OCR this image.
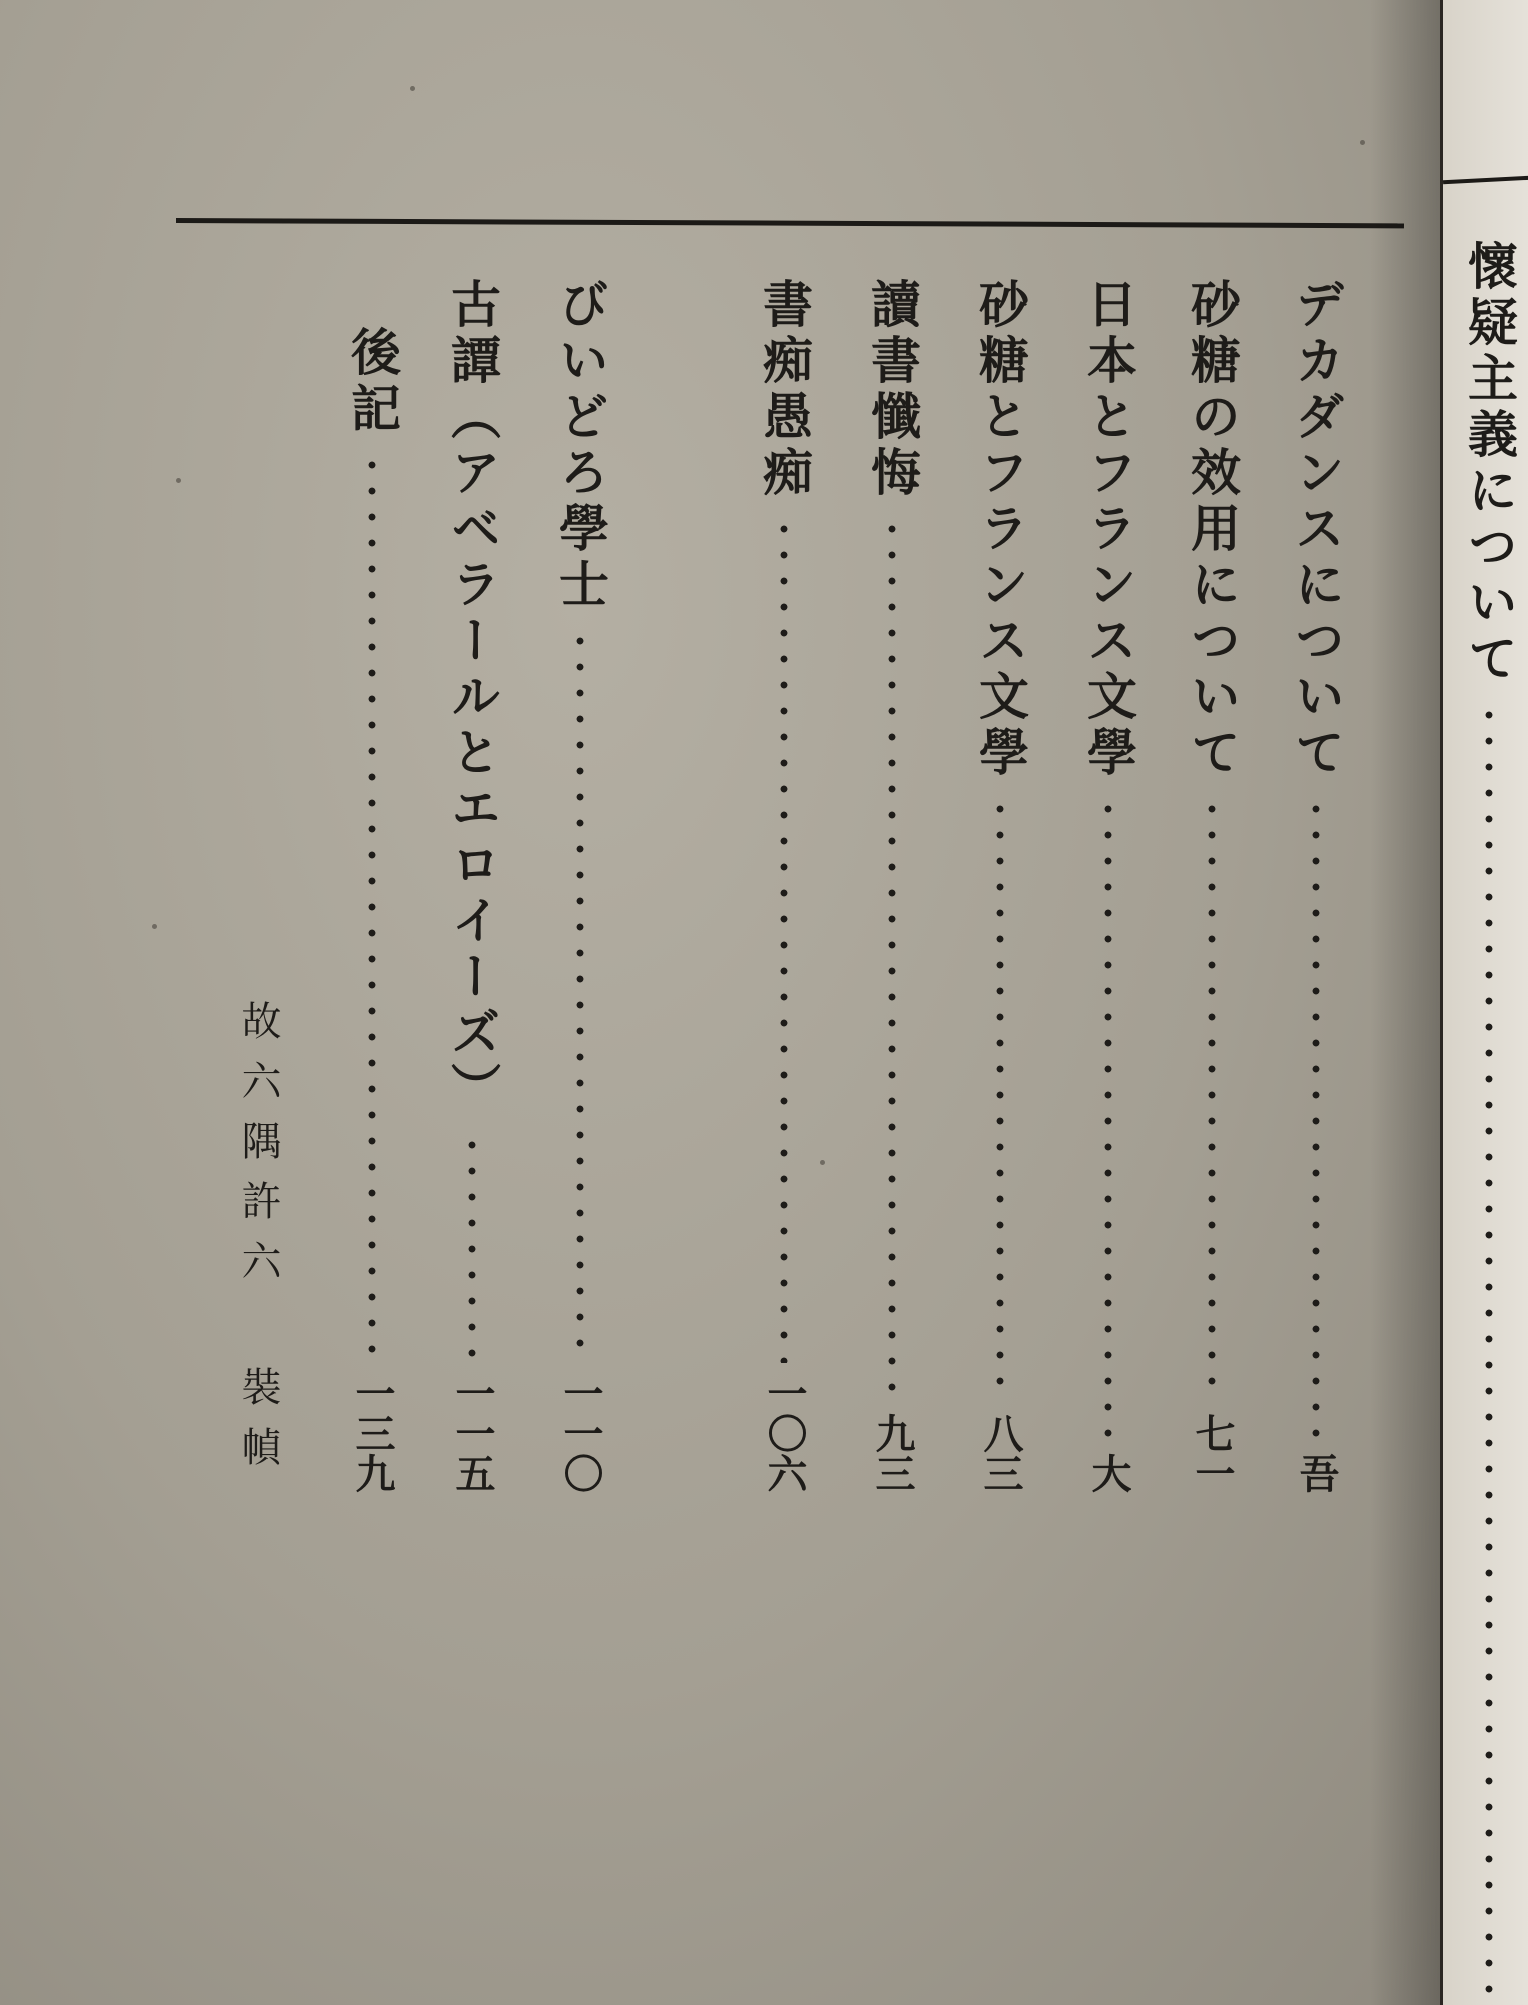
デカダンスについて
吾
砂糖の效用について
七一
日本とフランス文學
大
砂糖とフランス文學
八三
讀書懺悔
九三
書痴愚痴
一〇六
びいどろ學士
一一〇
古譚（アベラールとエロイーズ）
一一五
後記
一三九
故六隅許六 裝幀
懷疑主義について
